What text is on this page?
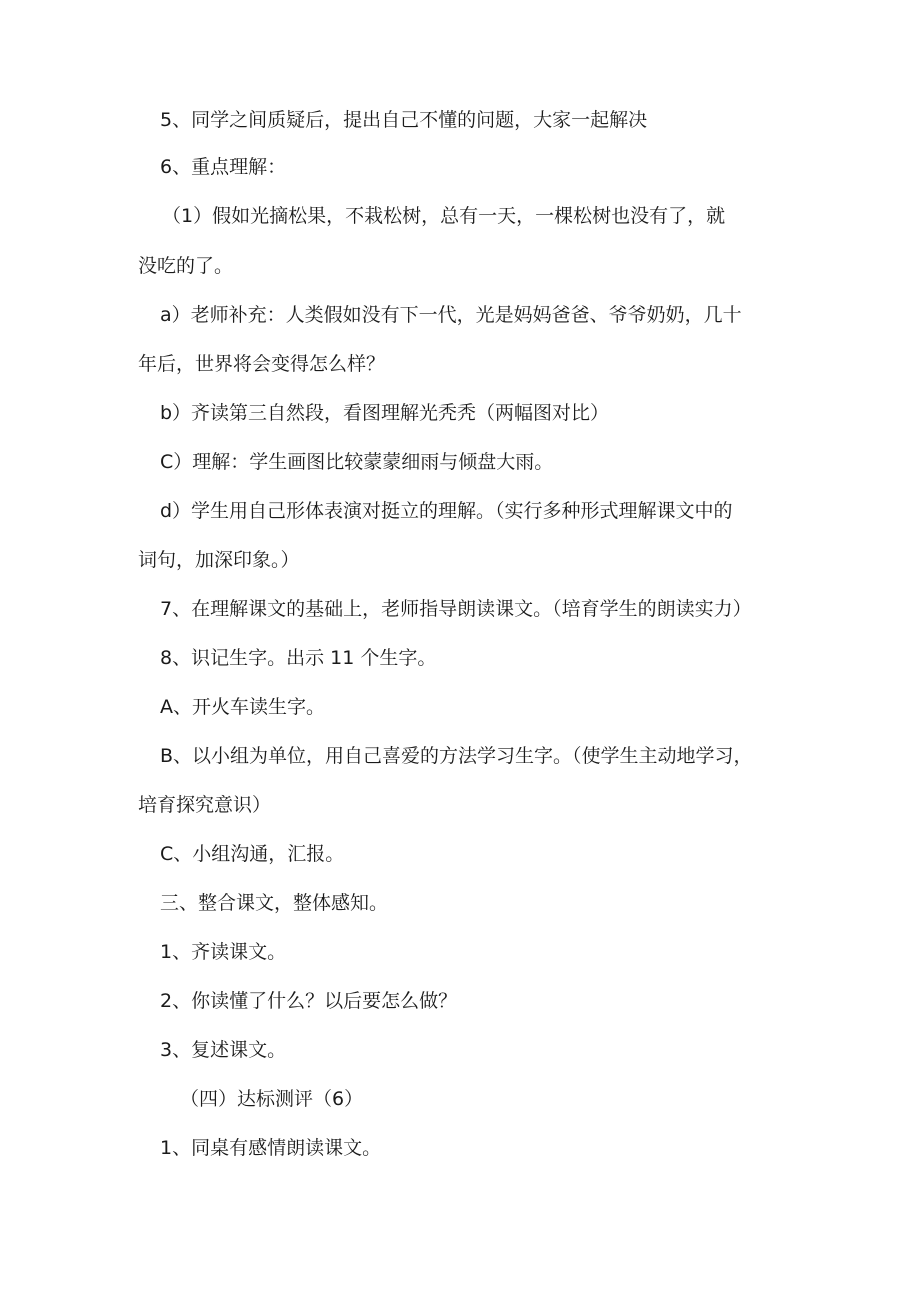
5、同学之间质疑后，提出自己不懂的问题，大家一起解决
6、重点理解：
（1）假如光摘松果，不栽松树，总有一天，一棵松树也没有了，就
没吃的了。
a）老师补充：人类假如没有下一代，光是妈妈爸爸、爷爷奶奶，几十
年后，世界将会变得怎么样？
b）齐读第三自然段，看图理解光秃秃（两幅图对比）
C）理解：学生画图比较蒙蒙细雨与倾盘大雨。
d）学生用自己形体表演对挺立的理解。（实行多种形式理解课文中的
词句，加深印象。）
7、在理解课文的基础上，老师指导朗读课文。（培育学生的朗读实力）
8、识记生字。出示 11 个生字。
A、开火车读生字。
B、以小组为单位，用自己喜爱的方法学习生字。（使学生主动地学习，
培育探究意识）
C、小组沟通，汇报。
三、整合课文，整体感知。
1、齐读课文。
2、你读懂了什么？以后要怎么做？
3、复述课文。
（四）达标测评（6）
1、同桌有感情朗读课文。
